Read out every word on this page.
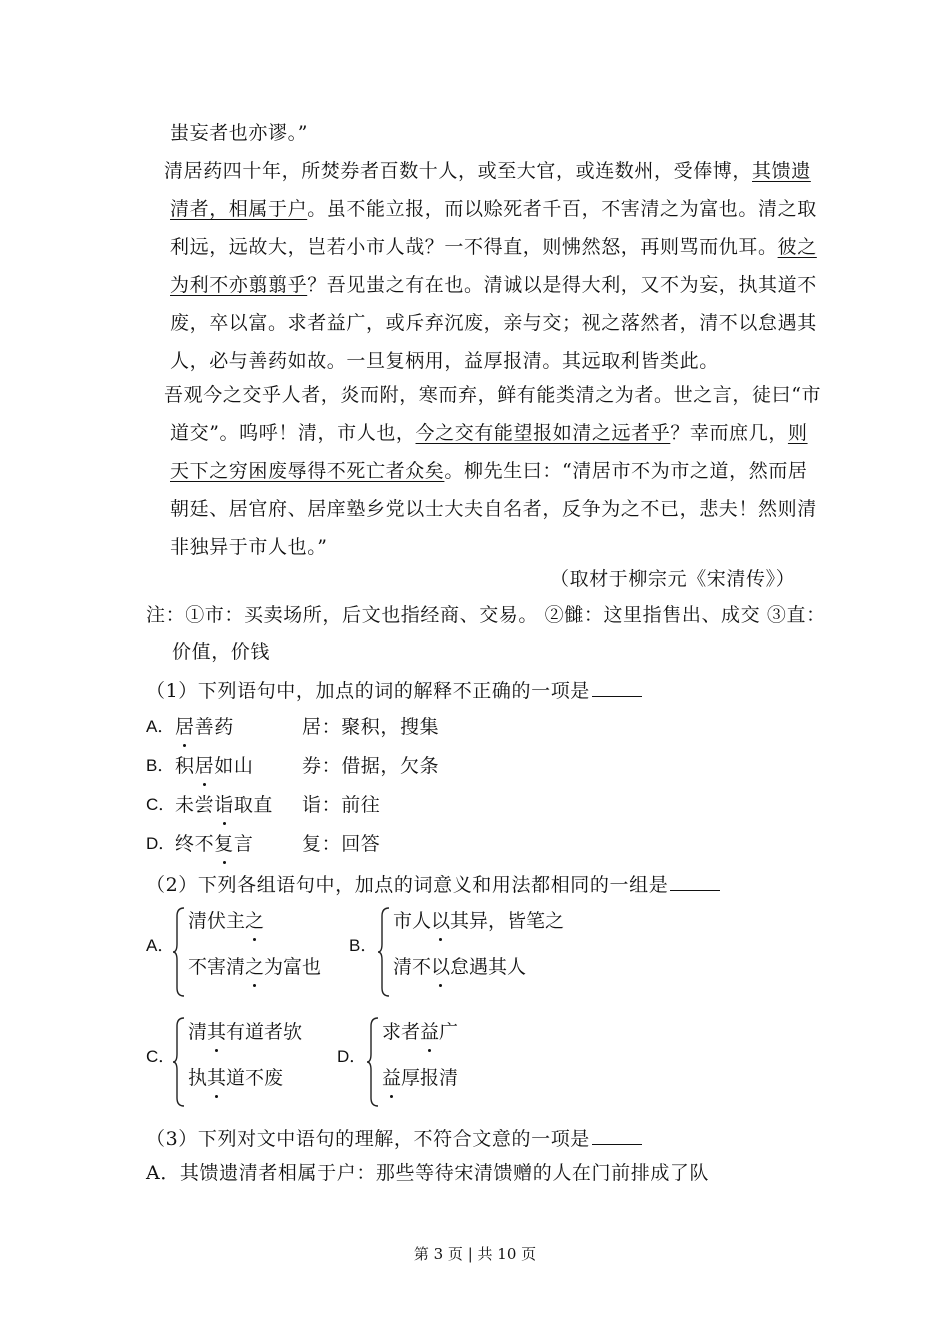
蚩妄者也亦谬。”
清居药四十年，所焚券者百数十人，或至大官，或连数州，受俸博，其馈遗
清者，相属于户。虽不能立报，而以赊死者千百，不害清之为富也。清之取
利远，远故大，岂若小市人哉？一不得直，则怫然怒，再则骂而仇耳。彼之
为利不亦翦翦乎？吾见蚩之有在也。清诚以是得大利，又不为妄，执其道不
废，卒以富。求者益广，或斥弃沉废，亲与交；视之落然者，清不以怠遇其
人，必与善药如故。一旦复柄用，益厚报清。其远取利皆类此。
吾观今之交乎人者，炎而附，寒而弃，鲜有能类清之为者。世之言，徒曰“市
道交”。呜呼！清，市人也，今之交有能望报如清之远者乎？幸而庶几，则
天下之穷困废辱得不死亡者众矣。柳先生曰：“清居市不为市之道，然而居
朝廷、居官府、居庠塾乡党以士大夫自名者，反争为之不已，悲夫！然则清
非独异于市人也。”
（取材于柳宗元《宋清传》）
注：①市：买卖场所，后文也指经商、交易。 ②雠：这里指售出、成交 ③直：
价值，价钱
（1）下列语句中，加点的词的解释不正确的一项是
A． 居善药	居：聚积，搜集
B． 积居如山	券：借据，欠条
C． 未尝诣取直 诣：前往
D． 终不复言	复：回答
（2）下列各组语句中，加点的词意义和用法都相同的一组是
A．
清伏主之
不害清之为富也
B．
市人以其异，皆笔之
清不以怠遇其人
C．
清其有道者欤
执其道不废
D．
求者益广
益厚报清
（3）下列对文中语句的理解，不符合文意的一项是
A．其馈遗清者相属于户：那些等待宋清馈赠的人在门前排成了队
第 3 页 | 共 10 页
